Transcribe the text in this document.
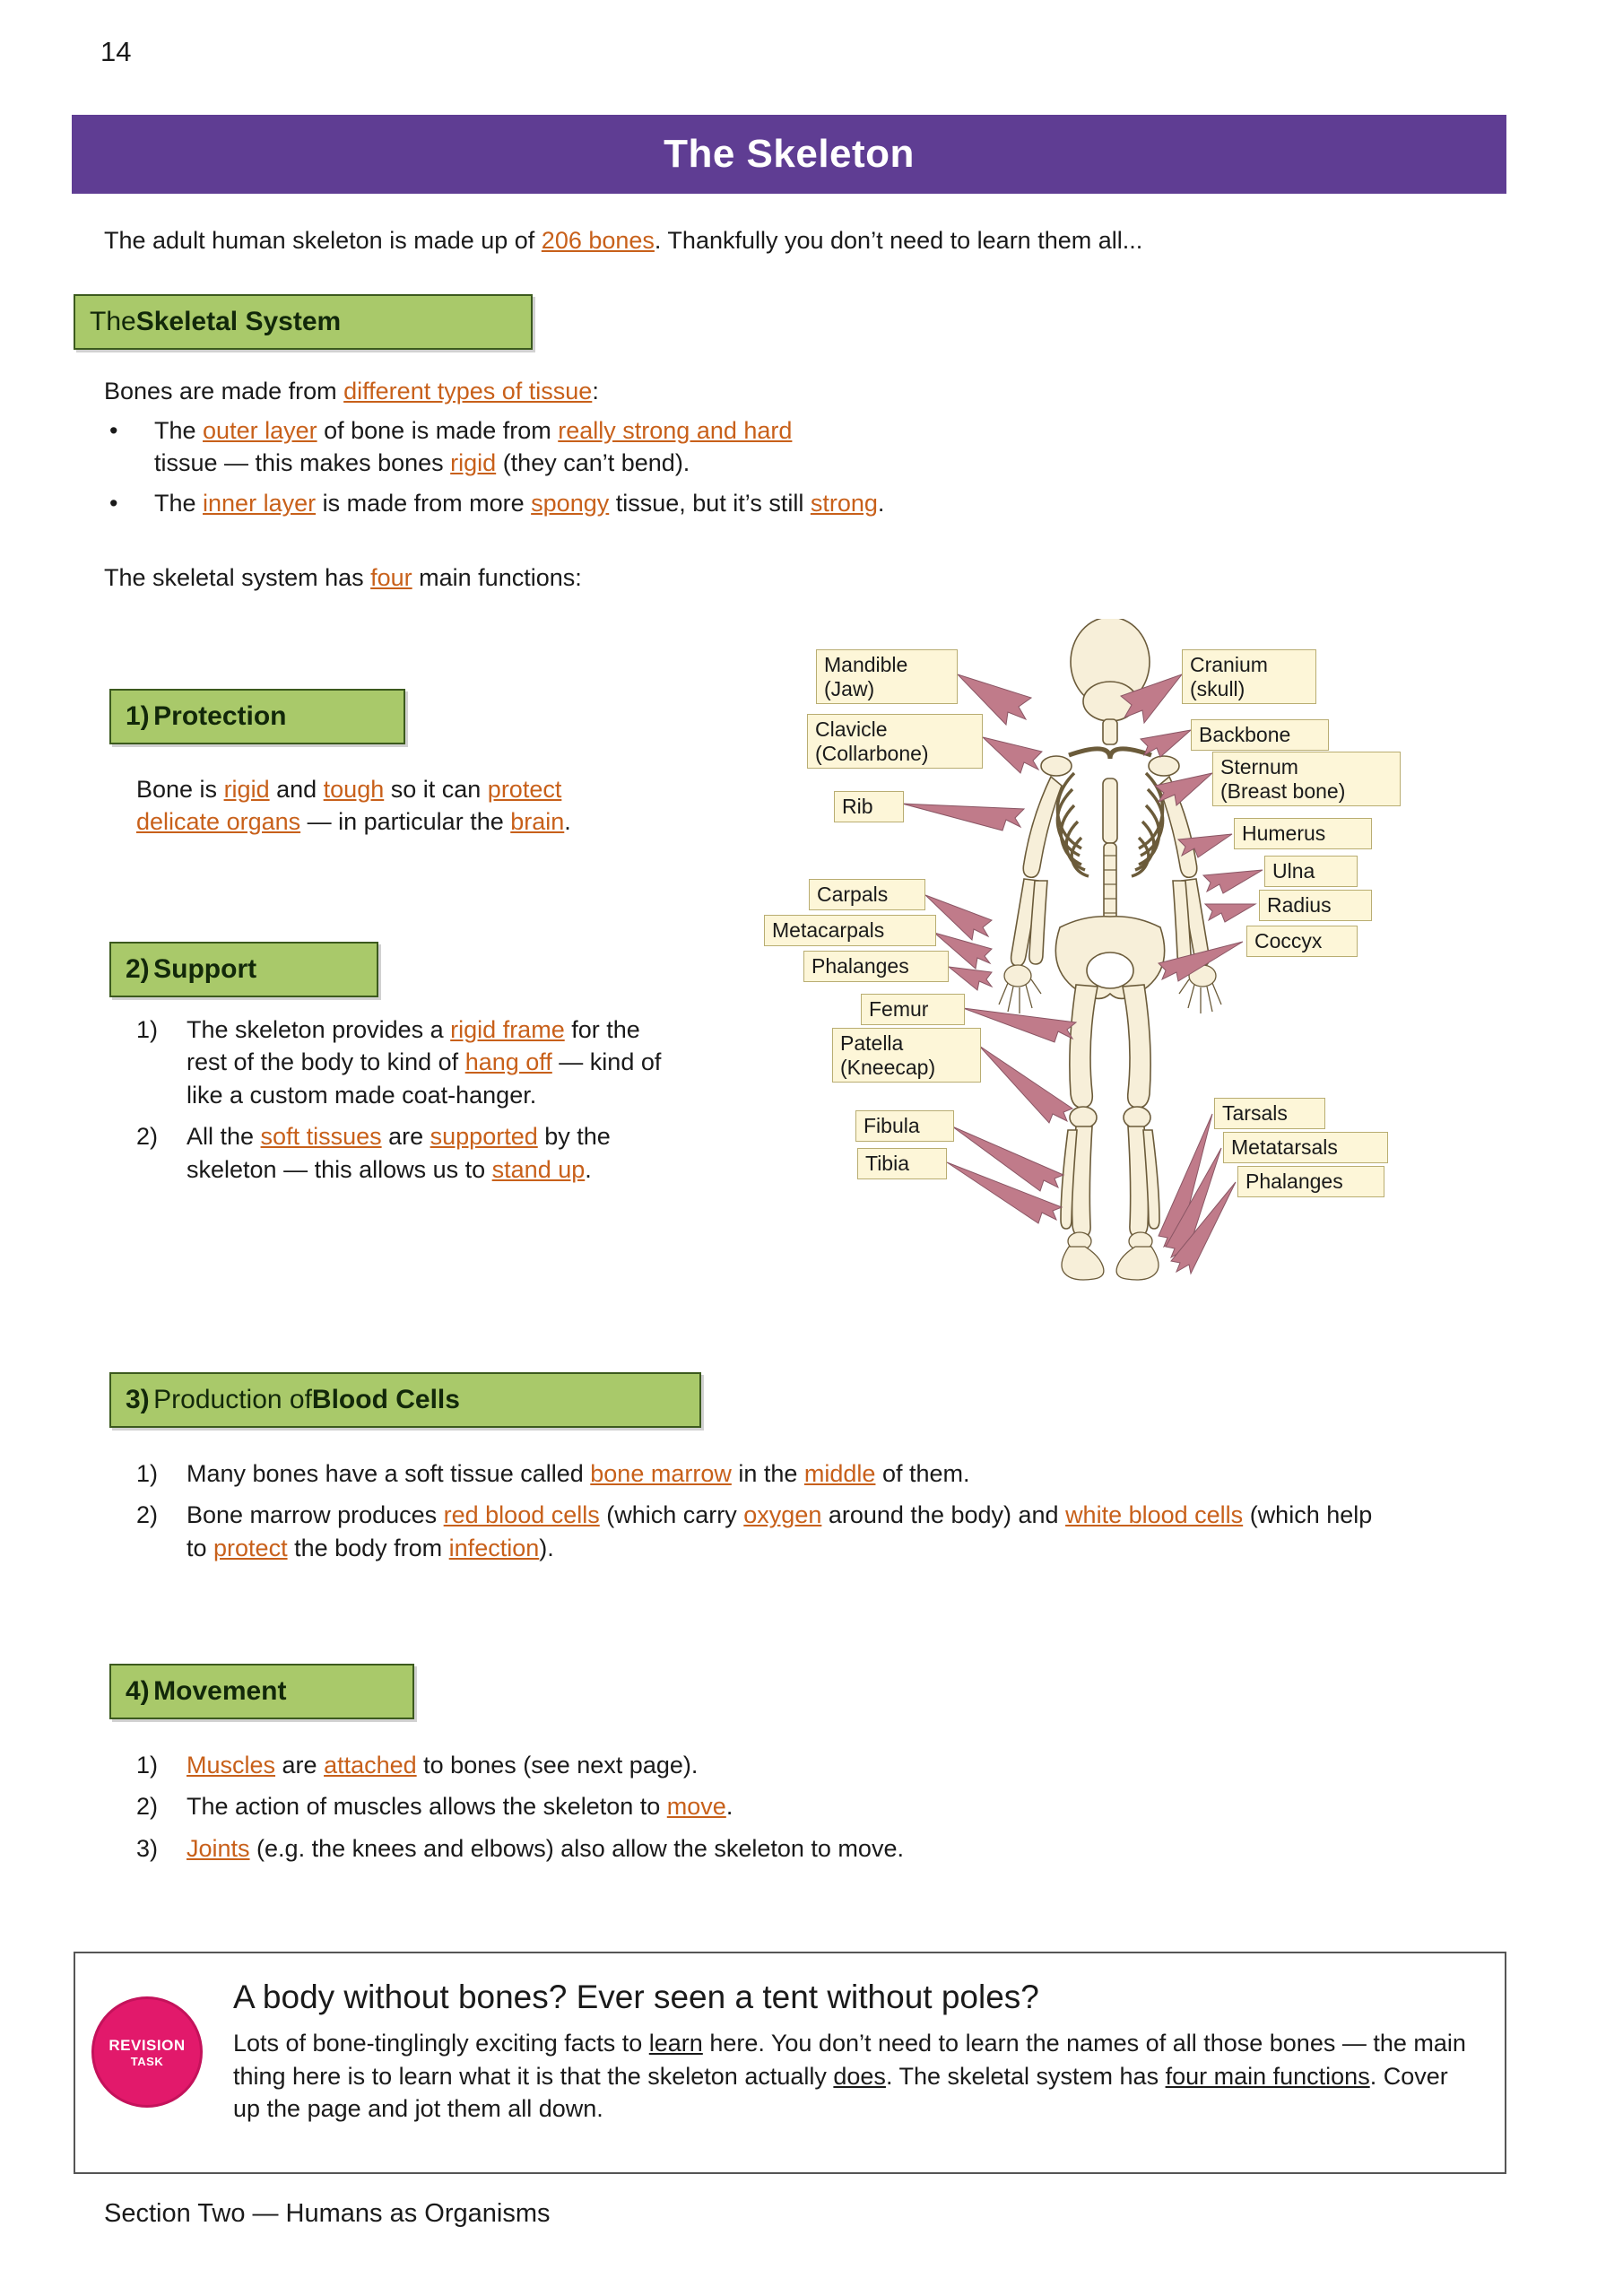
14
The Skeleton
The adult human skeleton is made up of 206 bones. Thankfully you don’t need to learn them all...
The Skeletal System
Bones are made from different types of tissue:
•	The outer layer of bone is made from really strong and hard
tissue — this makes bones rigid (they can’t bend).
•	The inner layer is made from more spongy tissue, but it’s still strong.
The skeletal system has four main functions:
1)
Protection
Bone is rigid and tough so it can protect
delicate organs — in particular the brain.
2)
Support
1)	The skeleton provides a rigid frame for the rest of the body to kind of hang off — kind of like a custom made coat-hanger.
2)	All the soft tissues are supported by the skeleton — this allows us to stand up.
Mandible
(Jaw)
Cranium
(skull)
Backbone
Clavicle
(Collarbone)
Sternum
(Breast bone)
Rib
Humerus
Ulna
Radius
Carpals
Metacarpals
Phalanges
Coccyx
Femur
Patella
(Kneecap)
Fibula
Tibia
Tarsals
Metatarsals
Phalanges
3)
Production of Blood Cells
1)	Many bones have a soft tissue called bone marrow in the middle of them.
2)	Bone marrow produces red blood cells (which carry oxygen around the body) and white blood cells (which help to protect the body from infection).
4)
Movement
1)	Muscles are attached to bones (see next page).
2)	The action of muscles allows the skeleton to move.
3)	Joints (e.g. the knees and elbows) also allow the skeleton to move.
REVISION
TASK
A body without bones? Ever seen a tent without poles?
Lots of bone-tinglingly exciting facts to learn here. You don’t need to learn the names of all those bones — the main thing here is to learn what it is that the skeleton actually does. The skeletal system has four main functions. Cover up the page and jot them all down.
Section Two — Humans as Organisms
